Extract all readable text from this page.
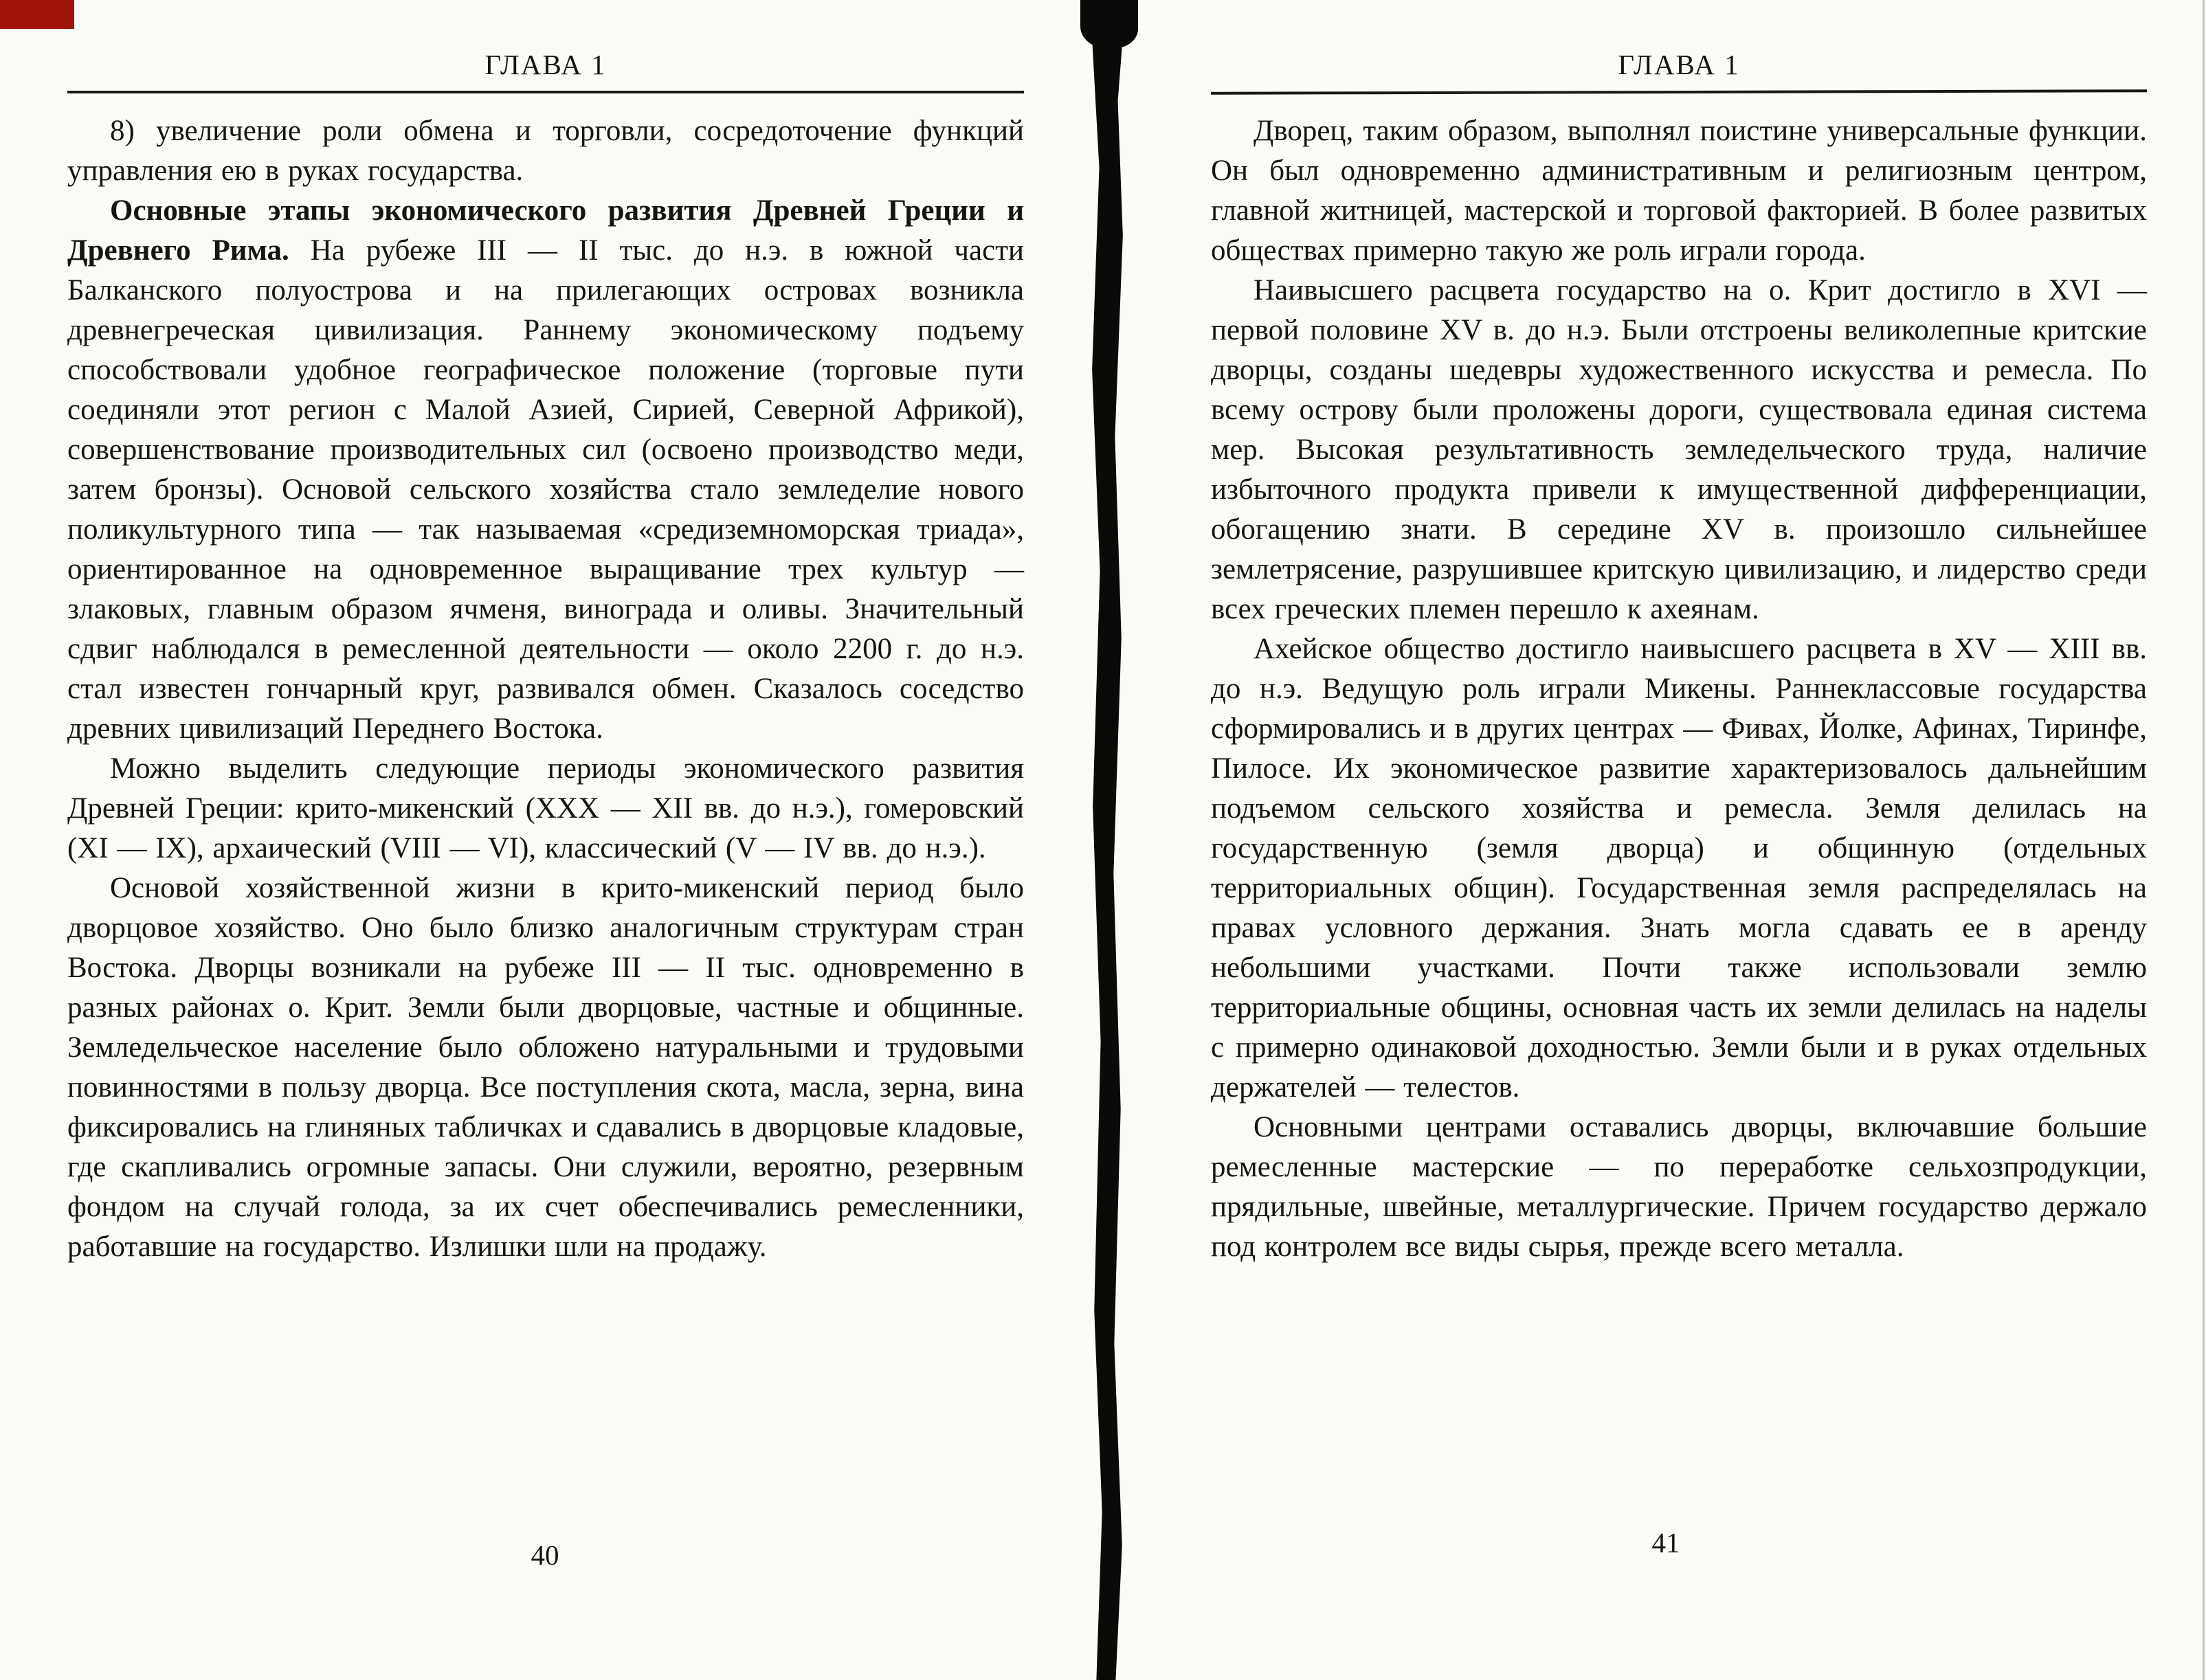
ГЛАВА 1

8) увеличение роли обмена и торговли, сосредоточение функций управления ею в руках государства.

Основные этапы экономического развития Древней Греции и Древнего Рима. На рубеже III — II тыс. до н.э. в южной части Балканского полуострова и на прилегающих островах возникла древнегреческая цивилизация. Раннему экономическому подъему способствовали удобное географическое положение (торговые пути соединяли этот регион с Малой Азией, Сирией, Северной Африкой), совершенствование производительных сил (освоено производство меди, затем бронзы). Основой сельского хозяйства стало земледелие нового поликультурного типа — так называемая «средиземноморская триада», ориентированное на одновременное выращивание трех культур — злаковых, главным образом ячменя, винограда и оливы. Значительный сдвиг наблюдался в ремесленной деятельности — около 2200 г. до н.э. стал известен гончарный круг, развивался обмен. Сказалось соседство древних цивилизаций Переднего Востока.

Можно выделить следующие периоды экономического развития Древней Греции: крито-микенский (XXX — XII вв. до н.э.), гомеровский (XI — IX), архаический (VIII — VI), классический (V — IV вв. до н.э.).

Основой хозяйственной жизни в крито-микенский период было дворцовое хозяйство. Оно было близко аналогичным структурам стран Востока. Дворцы возникали на рубеже III — II тыс. одновременно в разных районах о. Крит. Земли были дворцовые, частные и общинные. Земледельческое население было обложено натуральными и трудовыми повинностями в пользу дворца. Все поступления скота, масла, зерна, вина фиксировались на глиняных табличках и сдавались в дворцовые кладовые, где скапливались огромные запасы. Они служили, вероятно, резервным фондом на случай голода, за их счет обеспечивались ремесленники, работавшие на государство. Излишки шли на продажу.

40
ГЛАВА 1

Дворец, таким образом, выполнял поистине универсальные функции. Он был одновременно административным и религиозным центром, главной житницей, мастерской и торговой факторией. В более развитых обществах примерно такую же роль играли города.

Наивысшего расцвета государство на о. Крит достигло в XVI — первой половине XV в. до н.э. Были отстроены великолепные критские дворцы, созданы шедевры художественного искусства и ремесла. По всему острову были проложены дороги, существовала единая система мер. Высокая результативность земледельческого труда, наличие избыточного продукта привели к имущественной дифференциации, обогащению знати. В середине XV в. произошло сильнейшее землетрясение, разрушившее критскую цивилизацию, и лидерство среди всех греческих племен перешло к ахеянам.

Ахейское общество достигло наивысшего расцвета в XV — XIII вв. до н.э. Ведущую роль играли Микены. Раннеклассовые государства сформировались и в других центрах — Фивах, Йолке, Афинах, Тиринфе, Пилосе. Их экономическое развитие характеризовалось дальнейшим подъемом сельского хозяйства и ремесла. Земля делилась на государственную (земля дворца) и общинную (отдельных территориальных общин). Государственная земля распределялась на правах условного держания. Знать могла сдавать ее в аренду небольшими участками. Почти также использовали землю территориальные общины, основная часть их земли делилась на наделы с примерно одинаковой доходностью. Земли были и в руках отдельных держателей — телестов.

Основными центрами оставались дворцы, включавшие большие ремесленные мастерские — по переработке сельхозпродукции, прядильные, швейные, металлургические. Причем государство держало под контролем все виды сырья, прежде всего металла.

41
